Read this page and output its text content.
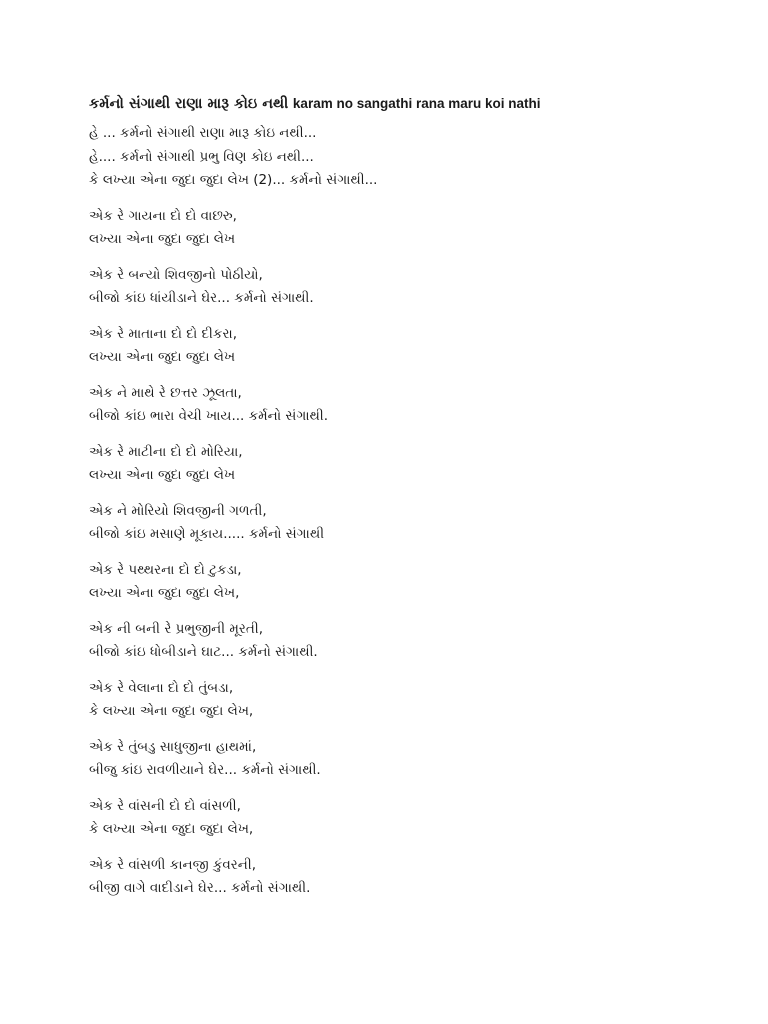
કર્મનો સંગાથી રાણા મારૂ કોઇ નથી karam no sangathi rana maru koi nathi

હે ... કર્મનો સંગાથી રાણા મારૂ કોઇ નથી...
હે.... કર્મનો સંગાથી પ્રભુ વિણ કોઇ નથી...
કે લખ્યા એના જુદા જુદા લેખ (2)... કર્મનો સંગાથી...
એક રે ગાયના દો દો વાછરુ,
લખ્યા એના જુદા જુદા લેખ
એક રે બન્યો શિવજીનો પોઠીયો,
બીજો કાંઇ ધાંયીડાને ઘેર... કર્મનો સંગાથી.
એક રે માતાના દો દો દીકરા,
લખ્યા એના જુદા જુદા લેખ
એક ને માથે રે છત્તર ઝૂલતા,
બીજો કાંઇ ભારા વેચી ખાય... કર્મનો સંગાથી.
એક રે માટીના દો દો મોરિયા,
લખ્યા એના જુદા જુદા લેખ
એક ને મોરિયો શિવજીની ગળતી,
બીજો કાંઇ મસાણે મૂકાય..... કર્મનો સંગાથી
એક રે પથ્થરના દો દો ટુકડા,
લખ્યા એના જુદા જુદા લેખ,
એક ની બની રે પ્રભુજીની મૂરતી,
બીજો કાંઇ ધોબીડાને ઘાટ... કર્મનો સંગાથી.
એક રે વેલાના દો દો તુંબડા,
કે લખ્યા એના જુદા જુદા લેખ,
એક રે તુંબડુ સાધુજીના હાથમાં,
બીજુ કાંઇ રાવળીયાને ઘેર... કર્મનો સંગાથી.
એક રે વાંસની દો દો વાંસળી,
કે લખ્યા એના જુદા જુદા લેખ,
એક રે વાંસળી કાનજી કુંવરની,
બીજી વાગે વાદીડાને ઘેર... કર્મનો સંગાથી.
